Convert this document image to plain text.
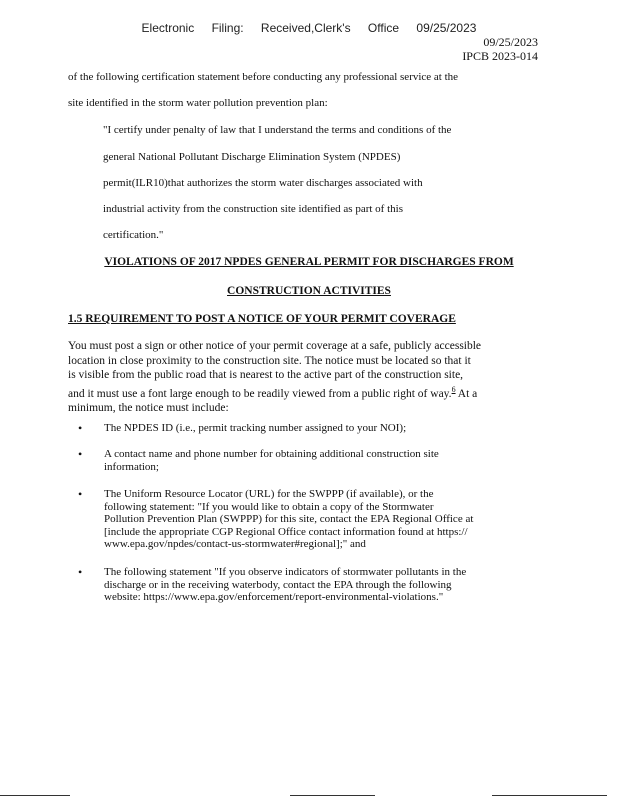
Electronic Filing: Received,Clerk's Office 09/25/2023
09/25/2023
IPCB 2023-014
of the following certification statement before conducting any professional service at the
site identified in the storm water pollution prevention plan:
"I certify under penalty of law that I understand the terms and conditions of the
general National Pollutant Discharge Elimination System (NPDES)
permit(ILR10)that authorizes the storm water discharges associated with
industrial activity from the construction site identified as part of this
certification."
VIOLATIONS OF 2017 NPDES GENERAL PERMIT FOR DISCHARGES FROM
CONSTRUCTION ACTIVITIES
1.5 REQUIREMENT TO POST A NOTICE OF YOUR PERMIT COVERAGE
You must post a sign or other notice of your permit coverage at a safe, publicly accessible
location in close proximity to the construction site. The notice must be located so that it
is visible from the public road that is nearest to the active part of the construction site,
and it must use a font large enough to be readily viewed from a public right of way.$^6$ At a
minimum, the notice must include:
• The NPDES ID (i.e., permit tracking number assigned to your NOI);
• A contact name and phone number for obtaining additional construction site
information;
• The Uniform Resource Locator (URL) for the SWPPP (if available), or the
following statement: "If you would like to obtain a copy of the Stormwater
Pollution Prevention Plan (SWPPP) for this site, contact the EPA Regional Office at
[include the appropriate CGP Regional Office contact information found at https://
www.epa.gov/npdes/contact-us-stormwater#regional];" and
• The following statement "If you observe indicators of stormwater pollutants in the
discharge or in the receiving waterbody, contact the EPA through the following
website: https://www.epa.gov/enforcement/report-environmental-violations."
